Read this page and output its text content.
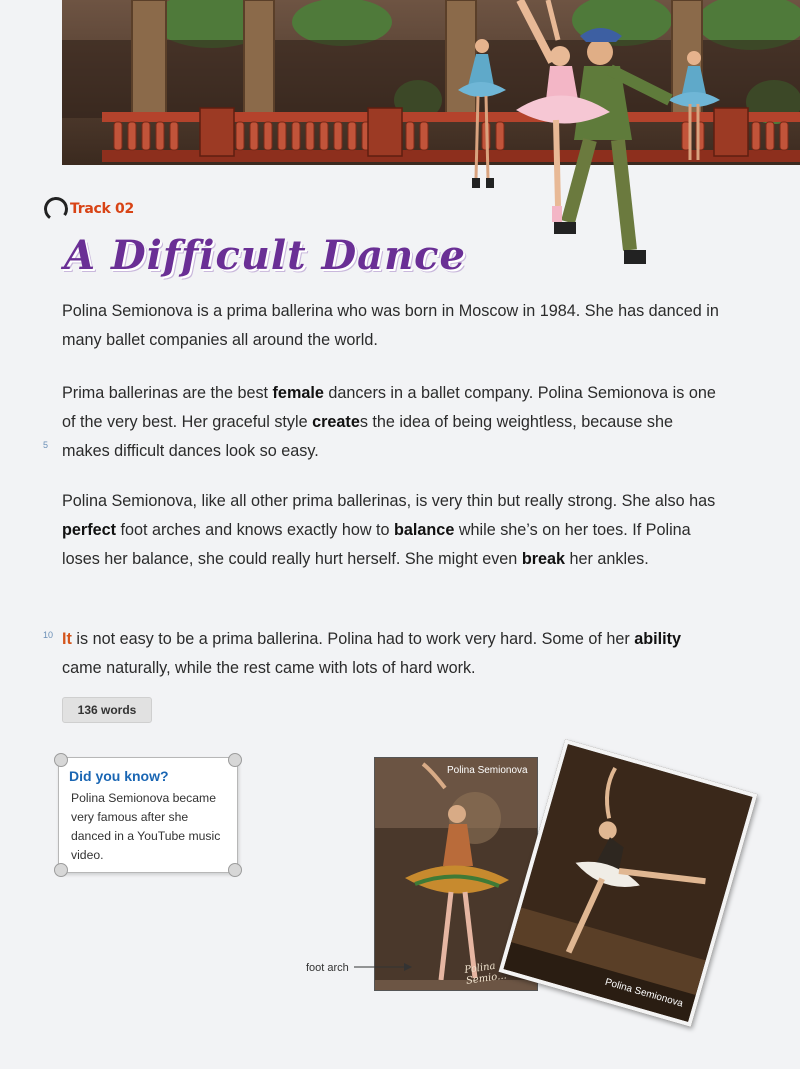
Track 02
A Difficult Dance

Polina Semionova is a prima ballerina who was born in Moscow in 1984. She has danced in many ballet companies all around the world.

Prima ballerinas are the best female dancers in a ballet company. Polina Semionova is one of the very best. Her graceful style creates the idea of being weightless, because she makes difficult dances look so easy.

5

Polina Semionova, like all other prima ballerinas, is very thin but really strong. She also has perfect foot arches and knows exactly how to balance while she’s on her toes. If Polina loses her balance, she could really hurt herself. She might even break her ankles.

10 It is not easy to be a prima ballerina. Polina had to work very hard. Some of her ability came naturally, while the rest came with lots of hard work.

136 words
Did you know?
Polina Semionova became very famous after she danced in a YouTube music video.
Polina Semionova
Polina Semio...	Polina Semionova
foot arch
